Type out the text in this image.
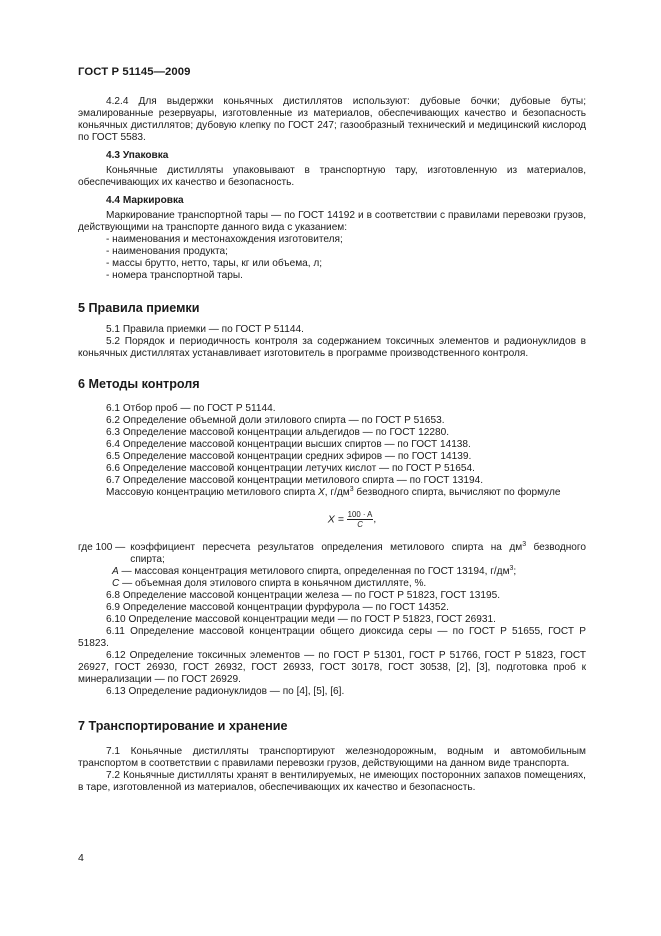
ГОСТ Р 51145—2009

4.2.4 Для выдержки коньячных дистиллятов используют: дубовые бочки; дубовые буты; эмалированные резервуары, изготовленные из материалов, обеспечивающих качество и безопасность коньячных дистиллятов; дубовую клепку по ГОСТ 247; газообразный технический и медицинский кислород по ГОСТ 5583.

4.3 Упаковка

Коньячные дистилляты упаковывают в транспортную тару, изготовленную из материалов, обеспечивающих их качество и безопасность.

4.4 Маркировка

Маркирование транспортной тары — по ГОСТ 14192 и в соответствии с правилами перевозки грузов, действующими на транспорте данного вида с указанием:

- наименования и местонахождения изготовителя;

- наименования продукта;

- массы брутто, нетто, тары, кг или объема, л;

- номера транспортной тары.

5 Правила приемки

5.1 Правила приемки — по ГОСТ Р 51144.

5.2 Порядок и периодичность контроля за содержанием токсичных элементов и радионуклидов в коньячных дистиллятах устанавливает изготовитель в программе производственного контроля.

6 Методы контроля

6.1 Отбор проб — по ГОСТ Р 51144.

6.2 Определение объемной доли этилового спирта — по ГОСТ Р 51653.

6.3 Определение массовой концентрации альдегидов — по ГОСТ 12280.

6.4 Определение массовой концентрации высших спиртов — по ГОСТ 14138.

6.5 Определение массовой концентрации средних эфиров — по ГОСТ 14139.

6.6 Определение массовой концентрации летучих кислот — по ГОСТ Р 51654.

6.7 Определение массовой концентрации метилового спирта — по ГОСТ 13194.

Массовую концентрацию метилового спирта X, $г/дм^3$ безводного спирта, вычисляют по формуле

$X = \frac{100 \cdot A}{C}$ ,
где 100 — коэффициент пересчета результатов определения метилового спирта на $дм^3$ безводного спирта;

A — массовая концентрация метилового спирта, определенная по ГОСТ 13194, $г/дм^3$;

C — объемная доля этилового спирта в коньячном дистилляте, %.

6.8 Определение массовой концентрации железа — по ГОСТ Р 51823, ГОСТ 13195.

6.9 Определение массовой концентрации фурфурола — по ГОСТ 14352.

6.10 Определение массовой концентрации меди — по ГОСТ Р 51823, ГОСТ 26931.

6.11 Определение массовой концентрации общего диоксида серы — по ГОСТ Р 51655, ГОСТ Р 51823.

6.12 Определение токсичных элементов — по ГОСТ Р 51301, ГОСТ Р 51766, ГОСТ Р 51823, ГОСТ 26927, ГОСТ 26930, ГОСТ 26932, ГОСТ 26933, ГОСТ 30178, ГОСТ 30538, [2], [3], подготовка проб к минерализации — по ГОСТ 26929.

6.13 Определение радионуклидов — по [4], [5], [6].

7 Транспортирование и хранение

7.1 Коньячные дистилляты транспортируют железнодорожным, водным и автомобильным транспортом в соответствии с правилами перевозки грузов, действующими на данном виде транспорта.

7.2 Коньячные дистилляты хранят в вентилируемых, не имеющих посторонних запахов помещениях, в таре, изготовленной из материалов, обеспечивающих их качество и безопасность.

4
